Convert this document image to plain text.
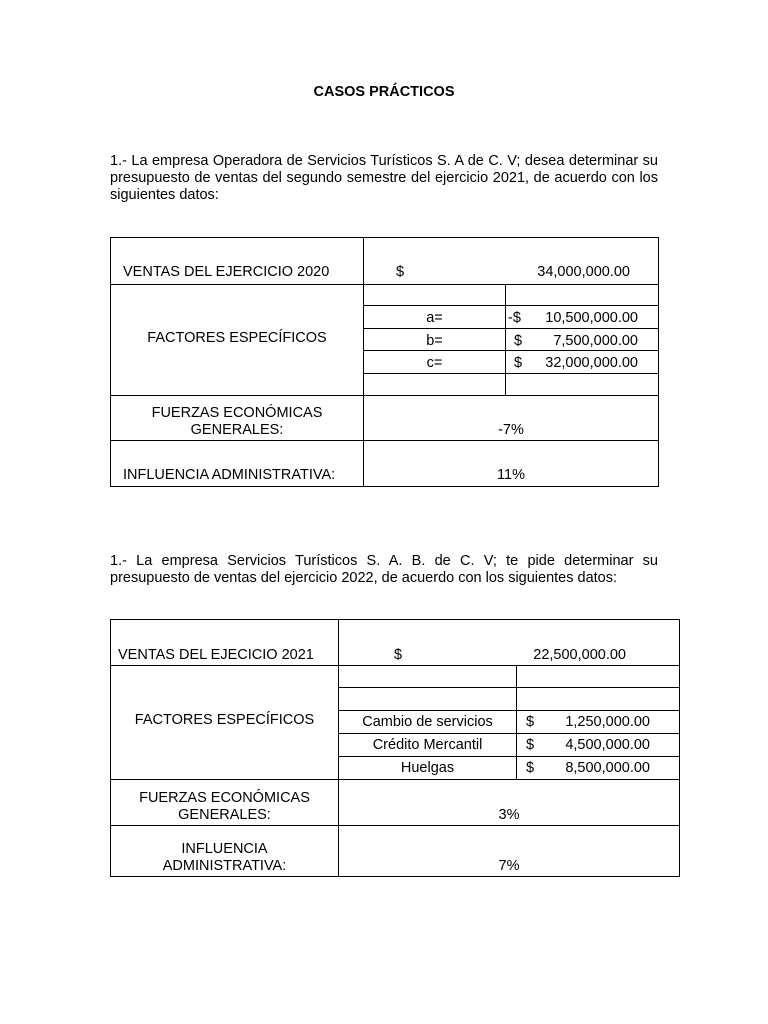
CASOS PRÁCTICOS

1.- La empresa Operadora de Servicios Turísticos S. A de C. V; desea determinar su presupuesto de ventas del segundo semestre del ejercicio 2021, de acuerdo con los siguientes datos:

VENTAS DEL EJERCICIO 2020	$	34,000,000.00
FACTORES ESPECÍFICOS
a=	-$	10,500,000.00
b=	$	7,500,000.00
c=	$	32,000,000.00
FUERZAS ECONÓMICAS
GENERALES:	-7%
INFLUENCIA ADMINISTRATIVA:	11%

1.- La empresa Servicios Turísticos S. A. B. de C. V; te pide determinar su presupuesto de ventas del ejercicio 2022, de acuerdo con los siguientes datos:

VENTAS DEL EJECICIO 2021	$	22,500,000.00
FACTORES ESPECÍFICOS	Cambio de servicios	$	1,250,000.00
Crédito Mercantil	$	4,500,000.00
Huelgas	$	8,500,000.00
FUERZAS ECONÓMICAS
GENERALES:	3%
INFLUENCIA
ADMINISTRATIVA:	7%
